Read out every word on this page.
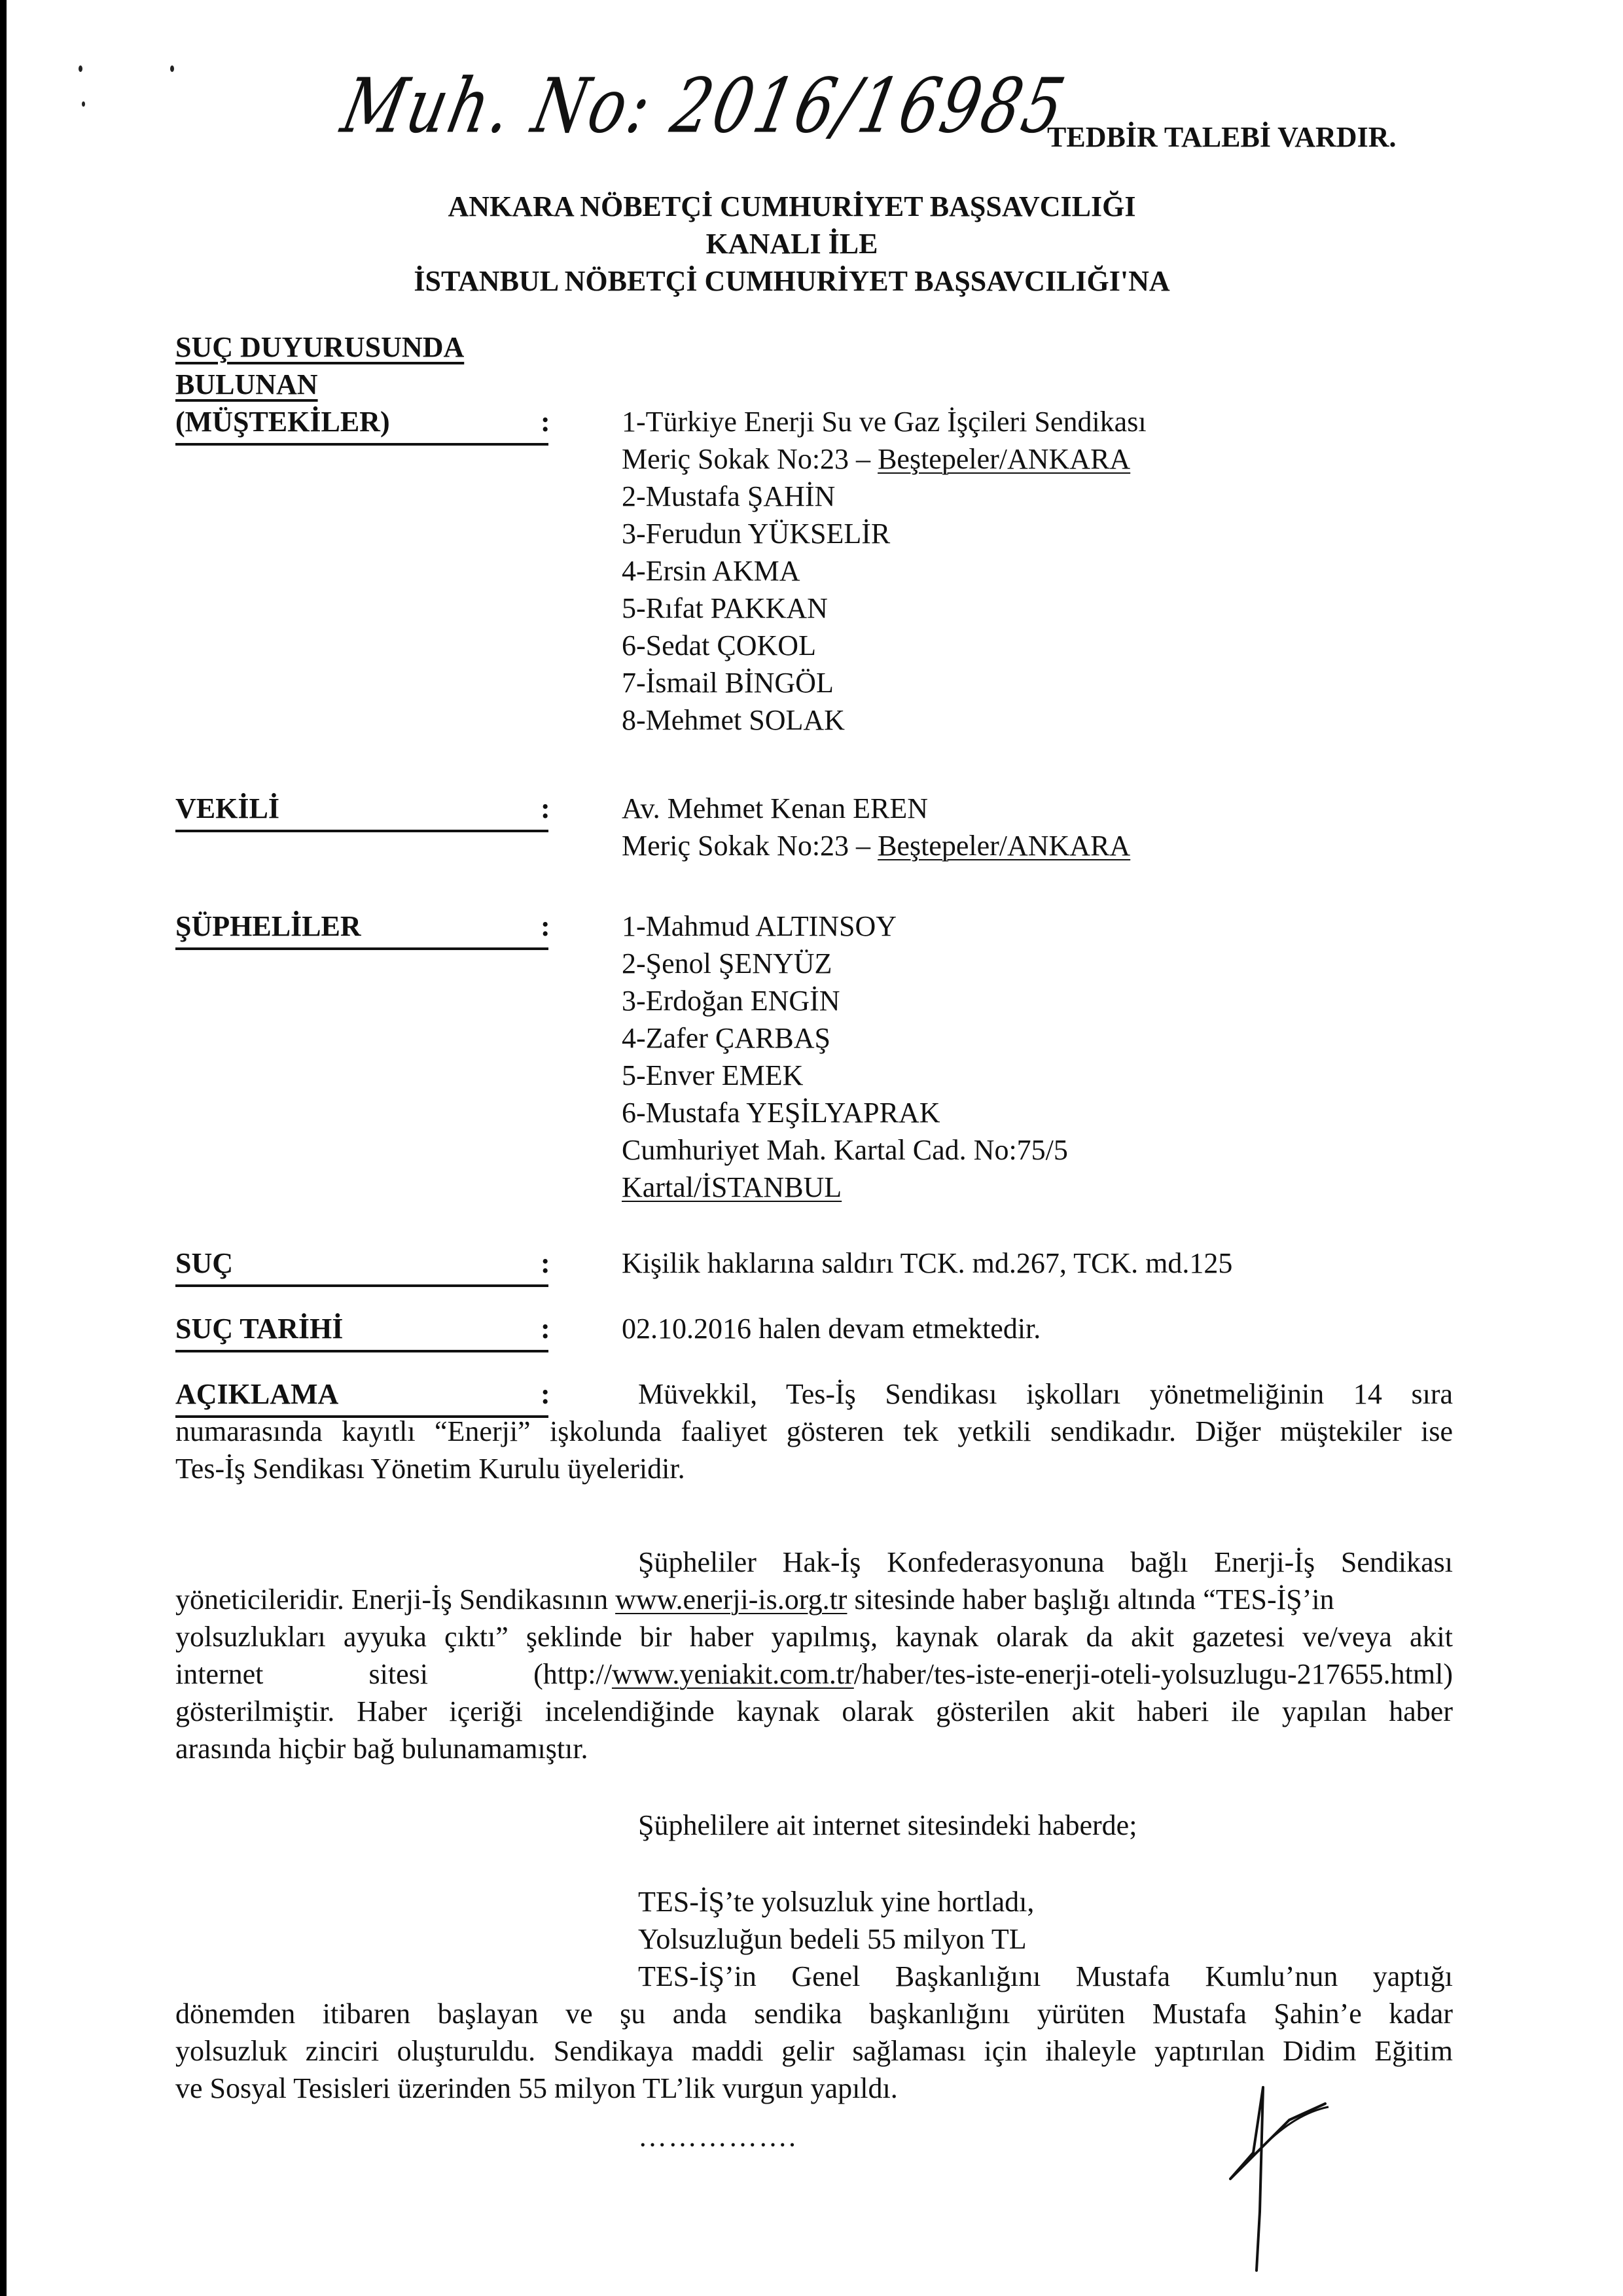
Muh. No: 2016/16985
TEDBİR TALEBİ VARDIR.
ANKARA NÖBETÇİ CUMHURİYET BAŞSAVCILIĞI
KANALI İLE
İSTANBUL NÖBETÇİ CUMHURİYET BAŞSAVCILIĞI'NA
SUÇ DUYURUSUNDA
BULUNAN
(MÜŞTEKİLER)	: 1-Türkiye Enerji Su ve Gaz İşçileri Sendikası
Meriç Sokak No:23 – Beştepeler/ANKARA
2-Mustafa ŞAHİN
3-Ferudun YÜKSELİR
4-Ersin AKMA
5-Rıfat PAKKAN
6-Sedat ÇOKOL
7-İsmail BİNGÖL
8-Mehmet SOLAK
VEKİLİ	: Av. Mehmet Kenan EREN
Meriç Sokak No:23 – Beştepeler/ANKARA
ŞÜPHELİLER	: 1-Mahmud ALTINSOY
2-Şenol ŞENYÜZ
3-Erdoğan ENGİN
4-Zafer ÇARBAŞ
5-Enver EMEK
6-Mustafa YEŞİLYAPRAK
Cumhuriyet Mah. Kartal Cad. No:75/5
Kartal/İSTANBUL
SUÇ	: Kişilik haklarına saldırı TCK. md.267, TCK. md.125
SUÇ TARİHİ	: 02.10.2016 halen devam etmektedir.
AÇIKLAMA	:	Müvekkil, Tes-İş Sendikası işkolları yönetmeliğinin 14 sıra
numarasında kayıtlı “Enerji” işkolunda faaliyet gösteren tek yetkili sendikadır. Diğer müştekiler ise
Tes-İş Sendikası Yönetim Kurulu üyeleridir.
Şüpheliler Hak-İş Konfederasyonuna bağlı Enerji-İş Sendikası
yöneticileridir. Enerji-İş Sendikasının www.enerji-is.org.tr sitesinde haber başlığı altında “TES-İŞ’in
yolsuzlukları ayyuka çıktı” şeklinde bir haber yapılmış, kaynak olarak da akit gazetesi ve/veya akit
internet	sitesi	(http://www.yeniakit.com.tr/haber/tes-iste-enerji-oteli-yolsuzlugu-217655.html)
gösterilmiştir. Haber içeriği incelendiğinde kaynak olarak gösterilen akit haberi ile yapılan haber
arasında hiçbir bağ bulunamamıştır.
Şüphelilere ait internet sitesindeki haberde;
TES-İŞ’te yolsuzluk yine hortladı,
Yolsuzluğun bedeli 55 milyon TL
TES-İŞ’in Genel Başkanlığını Mustafa Kumlu’nun yaptığı
dönemden itibaren başlayan ve şu anda sendika başkanlığını yürüten Mustafa Şahin’e kadar
yolsuzluk zinciri oluşturuldu. Sendikaya maddi gelir sağlaması için ihaleyle yaptırılan Didim Eğitim
ve Sosyal Tesisleri üzerinden 55 milyon TL’lik vurgun yapıldı.
…………….
